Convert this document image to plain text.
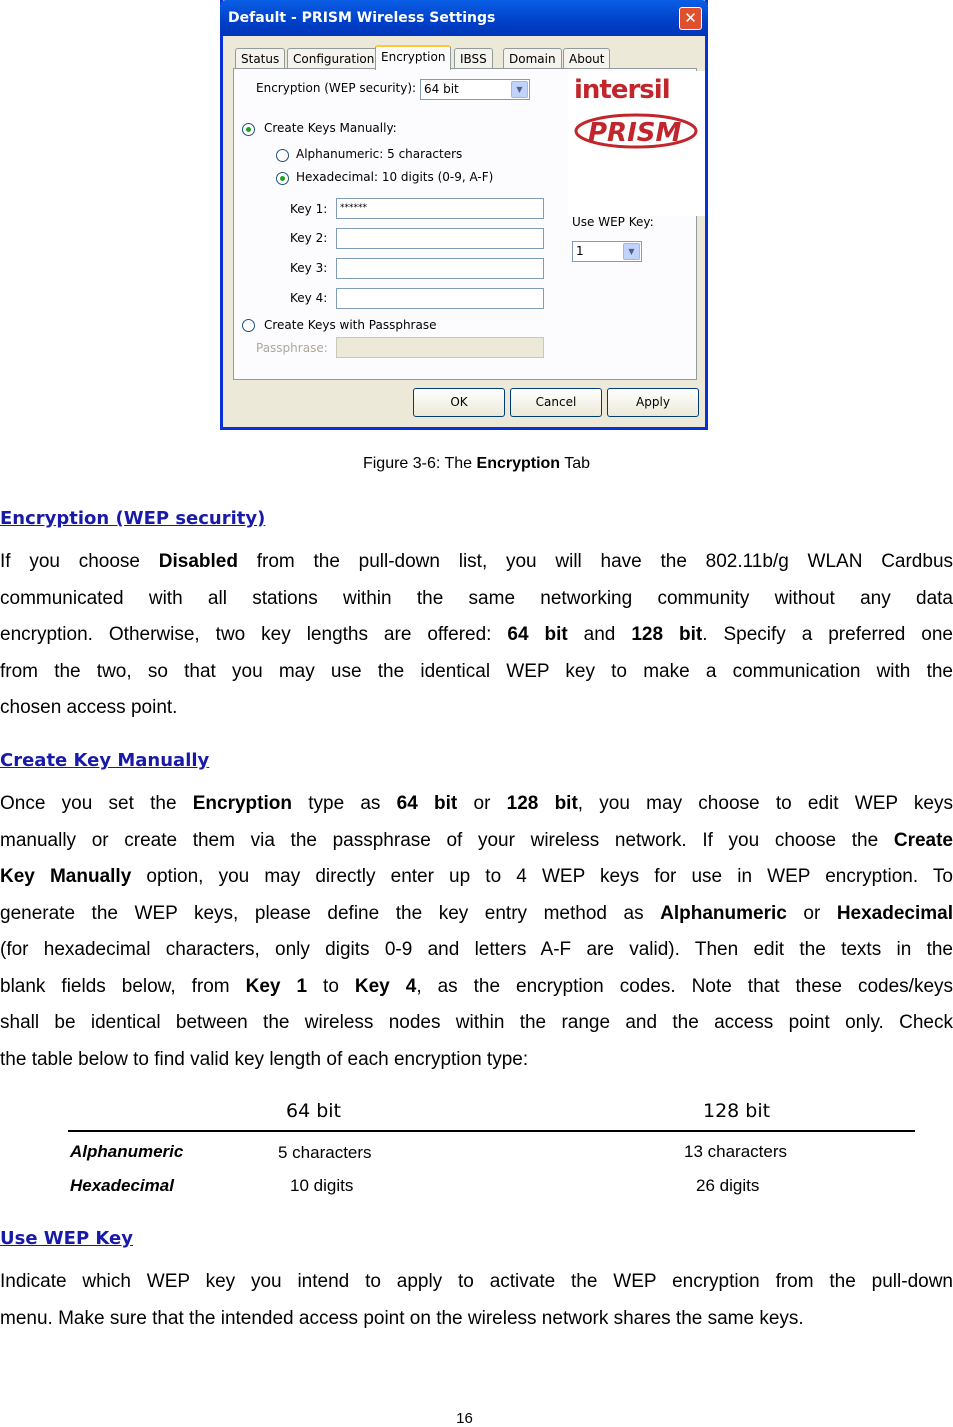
Default - PRISM Wireless Settings	✕
Status	Configuration Encryption	IBSS	Domain	About
Encryption (WEP security): 64 bit	▼ intersil
PRISM
Create Keys Manually:
Alphanumeric: 5 characters
Hexadecimal: 10 digits (0-9, A-F)
Key 1:	******
Key 2:
Key 3:
Key 4:
Use WEP Key:
1	▼
Create Keys with Passphrase
Passphrase:
OK	Cancel	Apply
Figure 3-6: The Encryption Tab
Encryption (WEP security)
If you choose Disabled from the pull-down list, you will have the 802.11b/g WLAN Cardbus
communicated with all stations within the same networking community without any data
encryption. Otherwise, two key lengths are offered: 64 bit and 128 bit. Specify a preferred one
from the two, so that you may use the identical WEP key to make a communication with the
chosen access point.
Create Key Manually
Once you set the Encryption type as 64 bit or 128 bit, you may choose to edit WEP keys
manually or create them via the passphrase of your wireless network. If you choose the Create
Key Manually option, you may directly enter up to 4 WEP keys for use in WEP encryption. To
generate the WEP keys, please define the key entry method as Alphanumeric or Hexadecimal
(for hexadecimal characters, only digits 0-9 and letters A-F are valid). Then edit the texts in the
blank fields below, from Key 1 to Key 4, as the encryption codes. Note that these codes/keys
shall be identical between the wireless nodes within the range and the access point only. Check
the table below to find valid key length of each encryption type:
64 bit	128 bit
Alphanumeric	5 characters	13 characters
Hexadecimal	10 digits	26 digits
Use WEP Key
Indicate which WEP key you intend to apply to activate the WEP encryption from the pull-down
menu. Make sure that the intended access point on the wireless network shares the same keys.
16
